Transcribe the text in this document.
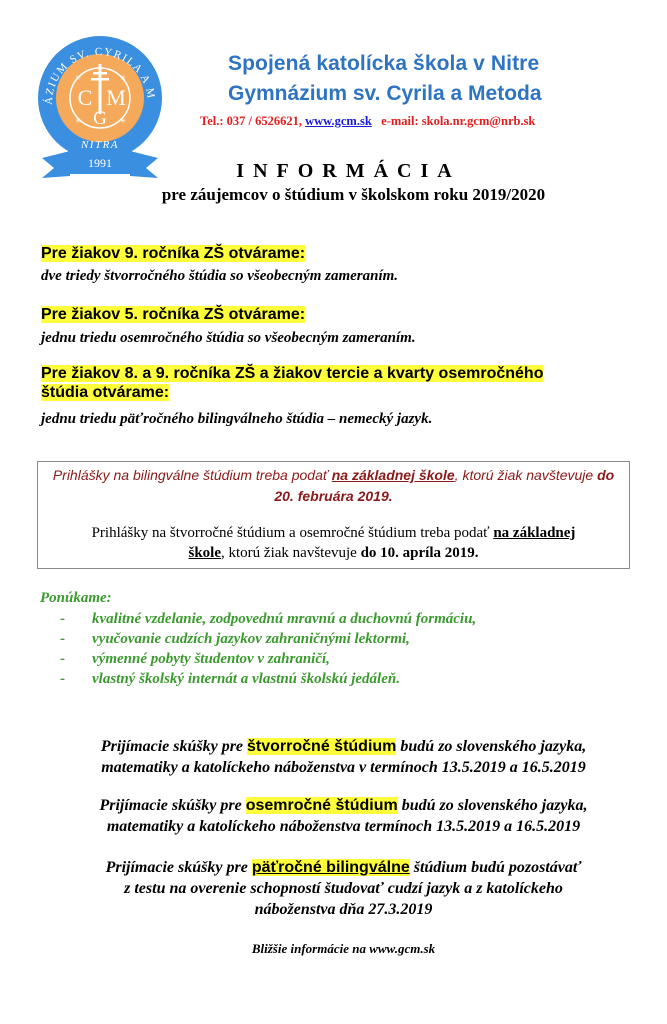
ÁZIUM SV. CYRILA A M
NITRA
C M
G
✳	✳
✳	✳
1991
Spojená katolícka škola v Nitre
Gymnázium sv. Cyrila a Metoda
Tel.: 037 / 6526621, www.gcm.sk   e-mail: skola.nr.gcm@nrb.sk
INFORMÁCIA
pre záujemcov o štúdium v školskom roku 2019/2020
Pre žiakov 9. ročníka ZŠ otvárame:
dve triedy štvorročného štúdia so všeobecným zameraním.
Pre žiakov 5. ročníka ZŠ otvárame:
jednu triedu osemročného štúdia so všeobecným zameraním.
Pre žiakov 8. a 9. ročníka ZŠ a žiakov tercie a kvarty osemročného
štúdia otvárame:
jednu triedu päťročného bilingválneho štúdia – nemecký jazyk.
Prihlášky na bilingválne štúdium treba podať na základnej škole, ktorú žiak navštevuje do 20. februára 2019.
Prihlášky na štvorročné štúdium a osemročné štúdium treba podať na základnej škole, ktorú žiak navštevuje do 10. apríla 2019.
Ponúkame:
- kvalitné vzdelanie, zodpovednú mravnú a duchovnú formáciu,
- vyučovanie cudzích jazykov zahraničnými lektormi,
- výmenné pobyty študentov v zahraničí,
- vlastný školský internát a vlastnú školskú jedáleň.
Prijímacie skúšky pre štvorročné štúdium budú zo slovenského jazyka,
matematiky a katolíckeho náboženstva v termínoch 13.5.2019 a 16.5.2019
Prijímacie skúšky pre osemročné štúdium budú zo slovenského jazyka,
matematiky a katolíckeho náboženstva termínoch 13.5.2019 a 16.5.2019
Prijímacie skúšky pre päťročné bilingválne štúdium budú pozostávať
z testu na overenie schopností študovať cudzí jazyk a z katolíckeho
náboženstva dňa 27.3.2019
Bližšie informácie na www.gcm.sk
